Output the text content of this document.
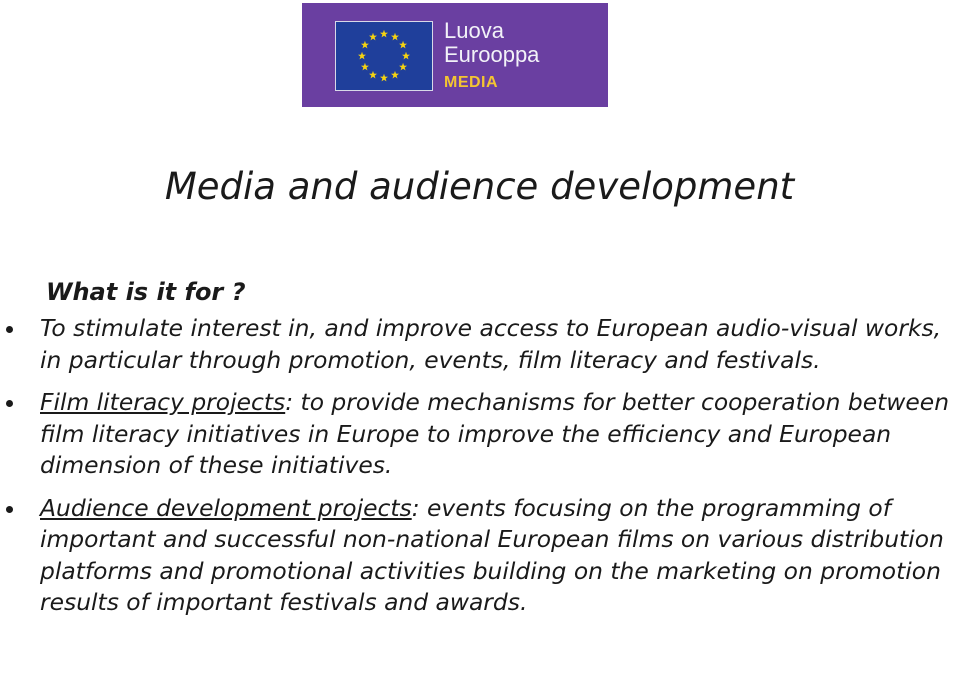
Luova
Eurooppa
MEDIA
Media and audience development
What is it for ?
To stimulate interest in, and improve access to European audio-visual works, in particular through promotion, events, film literacy and festivals.
Film literacy projects: to provide mechanisms for better cooperation between film literacy initiatives in Europe to improve the efficiency and European dimension of these initiatives.
Audience development projects: events focusing on the programming of important and successful non-national European films on various distribution platforms and promotional activities building on the marketing on promotion results of important festivals and awards.
